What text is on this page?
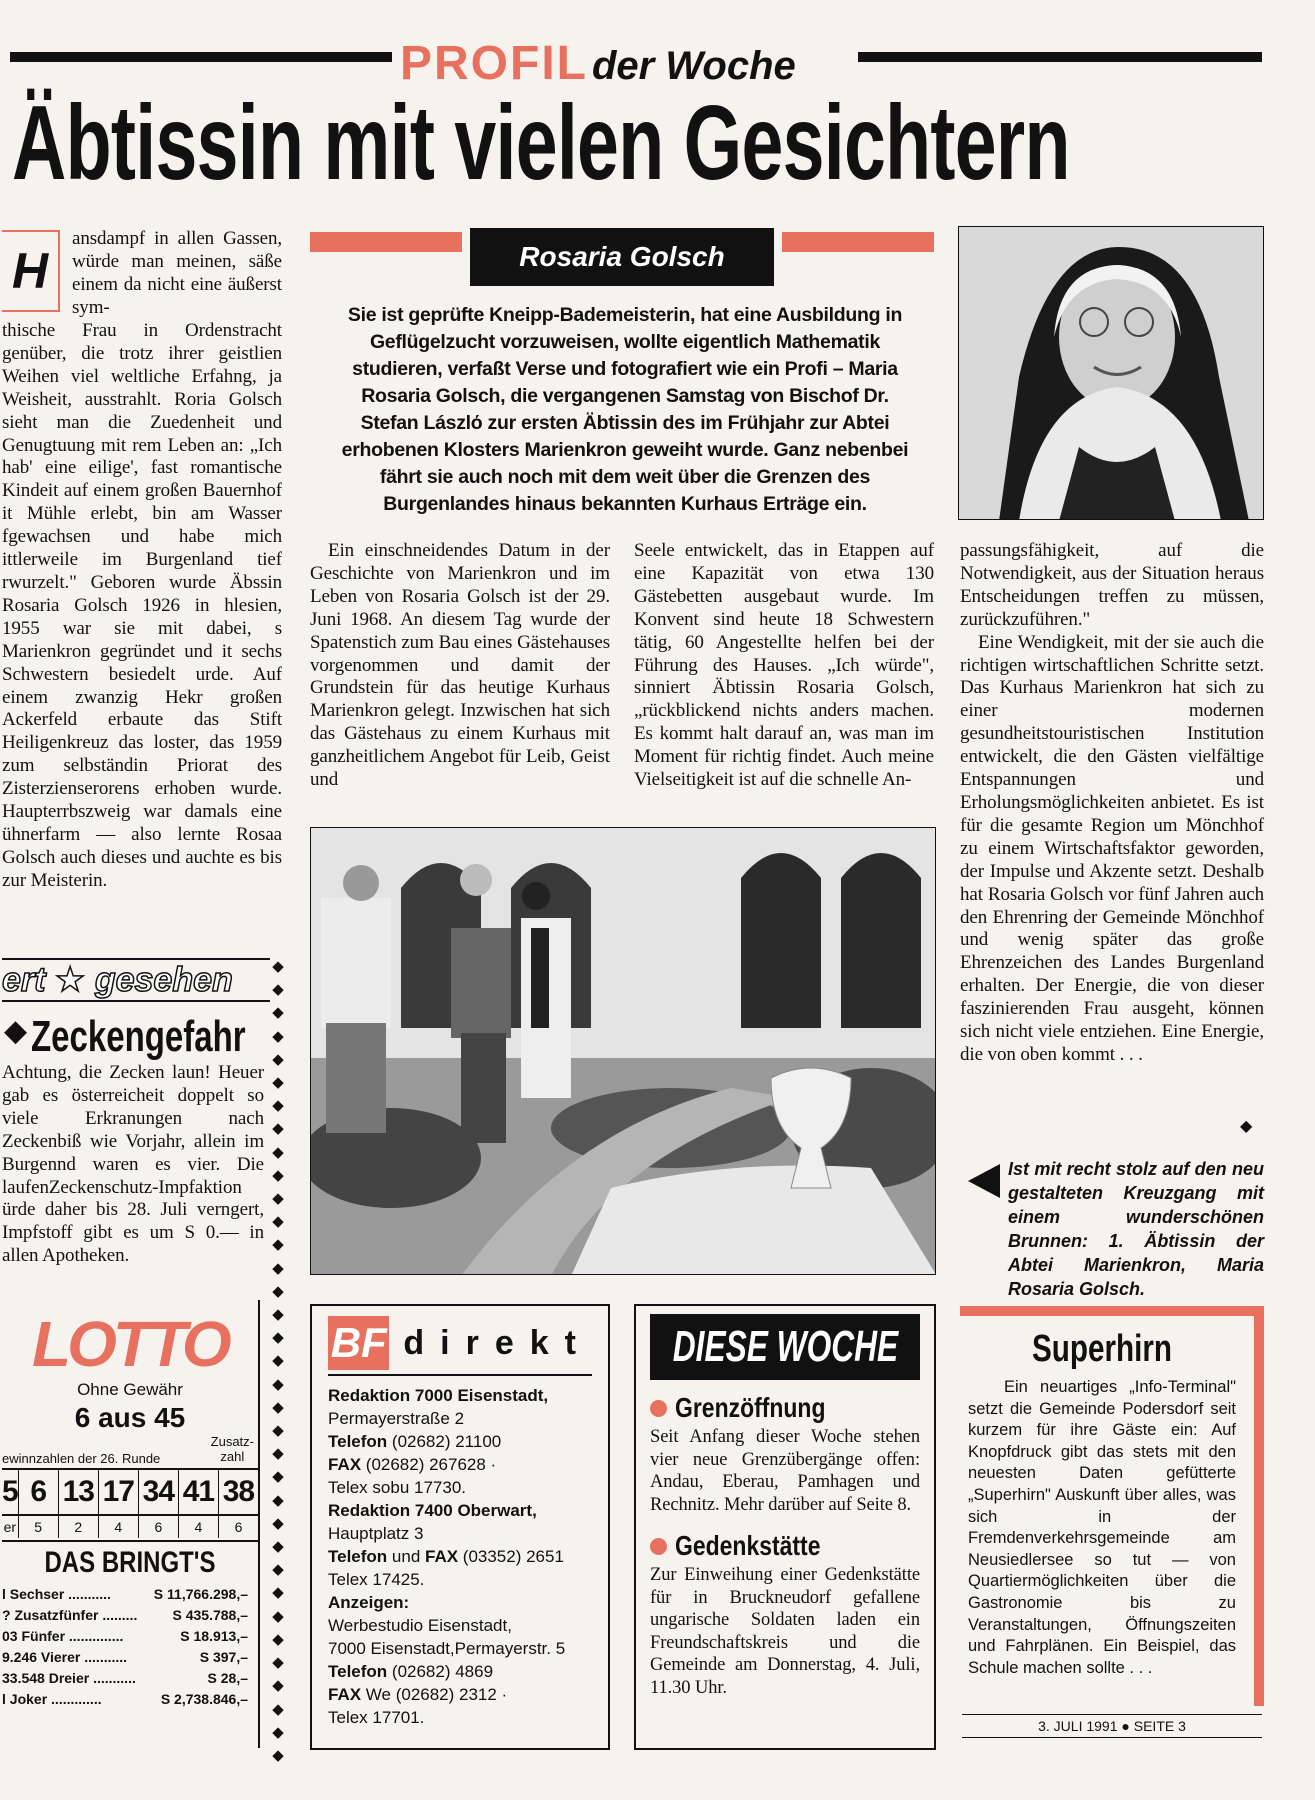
PROFIL der Woche
Äbtissin mit vielen Gesichtern
H

ansdampf in allen Gassen, würde man meinen, säße einem da nicht eine äußerst sym-

thische Frau in Ordenstracht genüber, die trotz ihrer geistlien Weihen viel weltliche Erfahng, ja Weisheit, ausstrahlt. Roria Golsch sieht man die Zuedenheit und Genugtuung mit rem Leben an: „Ich hab' eine eilige', fast romantische Kindeit auf einem großen Bauernhof it Mühle erlebt, bin am Wasser fgewachsen und habe mich ittlerweile im Burgenland tief rwurzelt." Geboren wurde Äbssin Rosaria Golsch 1926 in hlesien, 1955 war sie mit dabei, s Marienkron gegründet und it sechs Schwestern besiedelt urde. Auf einem zwanzig Hekr großen Ackerfeld erbaute das Stift Heiligenkreuz das loster, das 1959 zum selbständin Priorat des Zisterzienserorens erhoben wurde. Haupterrbszweig war damals eine ühnerfarm — also lernte Rosaa Golsch auch dieses und auchte es bis zur Meisterin.

ert ★ gesehen	◆
◆
◆
◆
◆
◆
◆
◆
◆
◆
◆
◆
◆
◆
◆
◆
◆
◆
◆
◆
◆
◆
◆
◆
◆
◆
◆
◆
◆
◆
◆
◆
◆
◆
◆
◆ Zeckengefahr

Achtung, die Zecken laun! Heuer gab es österreicheit doppelt so viele Erkranungen nach Zeckenbiß wie Vorjahr, allein im Burgennd waren es vier. Die laufenZeckenschutz-Impfaktion ürde daher bis 28. Juli verngert, Impfstoff gibt es um S 0.— in allen Apotheken.

LOTTO
Ohne Gewähr
6 aus 45
ewinnzahlen der 26. Runde
Zusatz-
zahl
5 6 13 17 34 41 38
er	5	2	4	6	4	6
DAS BRINGT'S
l Sechser ...........	S 11,766.298,–
? Zusatzfünfer .........	S 435.788,–
03 Fünfer ..............	S 18.913,–
9.246 Vierer ...........	S 397,–
33.548 Dreier ...........	S 28,–
l Joker .............	S 2,738.846,–
Rosaria Golsch
Sie ist geprüfte Kneipp-Bademeisterin, hat eine Ausbildung in Geflügelzucht vorzuweisen, wollte eigentlich Mathematik studieren, verfaßt Verse und fotografiert wie ein Profi – Maria Rosaria Golsch, die vergangenen Samstag von Bischof Dr. Stefan Lászlό zur ersten Äbtissin des im Frühjahr zur Abtei erhobenen Klosters Marienkron geweiht wurde. Ganz nebenbei fährt sie auch noch mit dem weit über die Grenzen des Burgenlandes hinaus bekannten Kurhaus Erträge ein.

Ein einschneidendes Datum in der Geschichte von Marienkron und im Leben von Rosaria Golsch ist der 29. Juni 1968. An diesem Tag wurde der Spatenstich zum Bau eines Gästehauses vorgenommen und damit der Grundstein für das heutige Kurhaus Marienkron gelegt. Inzwischen hat sich das Gästehaus zu einem Kurhaus mit ganzheitlichem Angebot für Leib, Geist und

Seele entwickelt, das in Etappen auf eine Kapazität von etwa 130 Gästebetten ausgebaut wurde. Im Konvent sind heute 18 Schwestern tätig, 60 Angestellte helfen bei der Führung des Hauses. „Ich würde", sinniert Äbtissin Rosaria Golsch, „rückblickend nichts anders machen. Es kommt halt darauf an, was man im Moment für richtig findet. Auch meine Vielseitigkeit ist auf die schnelle An-

passungsfähigkeit, auf die Notwendigkeit, aus der Situation heraus Entscheidungen treffen zu müssen, zurückzuführen."

Eine Wendigkeit, mit der sie auch die richtigen wirtschaftlichen Schritte setzt. Das Kurhaus Marienkron hat sich zu einer modernen gesundheitstouristischen Institution entwickelt, die den Gästen vielfältige Entspannungen und Erholungsmöglichkeiten anbietet. Es ist für die gesamte Region um Mönchhof zu einem Wirtschaftsfaktor geworden, der Impulse und Akzente setzt. Deshalb hat Rosaria Golsch vor fünf Jahren auch den Ehrenring der Gemeinde Mönchhof und wenig später das große Ehrenzeichen des Landes Burgenland erhalten. Der Energie, die von dieser faszinierenden Frau ausgeht, können sich nicht viele entziehen. Eine Energie, die von oben kommt . . .

◆
Ist mit recht stolz auf den neu gestalteten Kreuzgang mit einem wunderschönen Brunnen: 1. Äbtissin der Abtei Marienkron, Maria Rosaria Golsch.
BF direkt
Redaktion 7000 Eisenstadt,
Permayerstraße 2
Telefon (02682) 21100
FAX (02682) 267628 ·
Telex sobu 17730.
Redaktion 7400 Oberwart,
Hauptplatz 3
Telefon und FAX (03352) 2651
Telex 17425.
Anzeigen:
Werbestudio Eisenstadt,
7000 Eisenstadt,Permayerstr. 5
Telefon (02682) 4869
FAX We (02682) 2312 ·
Telex 17701.
DIESE WOCHE
Grenzöffnung
Seit Anfang dieser Woche stehen vier neue Grenzübergänge offen: Andau, Eberau, Pamhagen und Rechnitz. Mehr darüber auf Seite 8.
Gedenkstätte
Zur Einweihung einer Gedenkstätte für in Bruckneudorf gefallene ungarische Soldaten laden ein Freundschaftskreis und die Gemeinde am Donnerstag, 4. Juli, 11.30 Uhr.
Superhirn
Ein neuartiges „Info-Terminal" setzt die Gemeinde Podersdorf seit kurzem für ihre Gäste ein: Auf Knopfdruck gibt das stets mit den neuesten Daten gefütterte „Superhirn" Auskunft über alles, was sich in der Fremdenverkehrsgemeinde am Neusiedlersee so tut — von Quartiermöglichkeiten über die Gastronomie bis zu Veranstaltungen, Öffnungszeiten und Fahrplänen. Ein Beispiel, das Schule machen sollte . . .
3. JULI 1991 ● SEITE 3
